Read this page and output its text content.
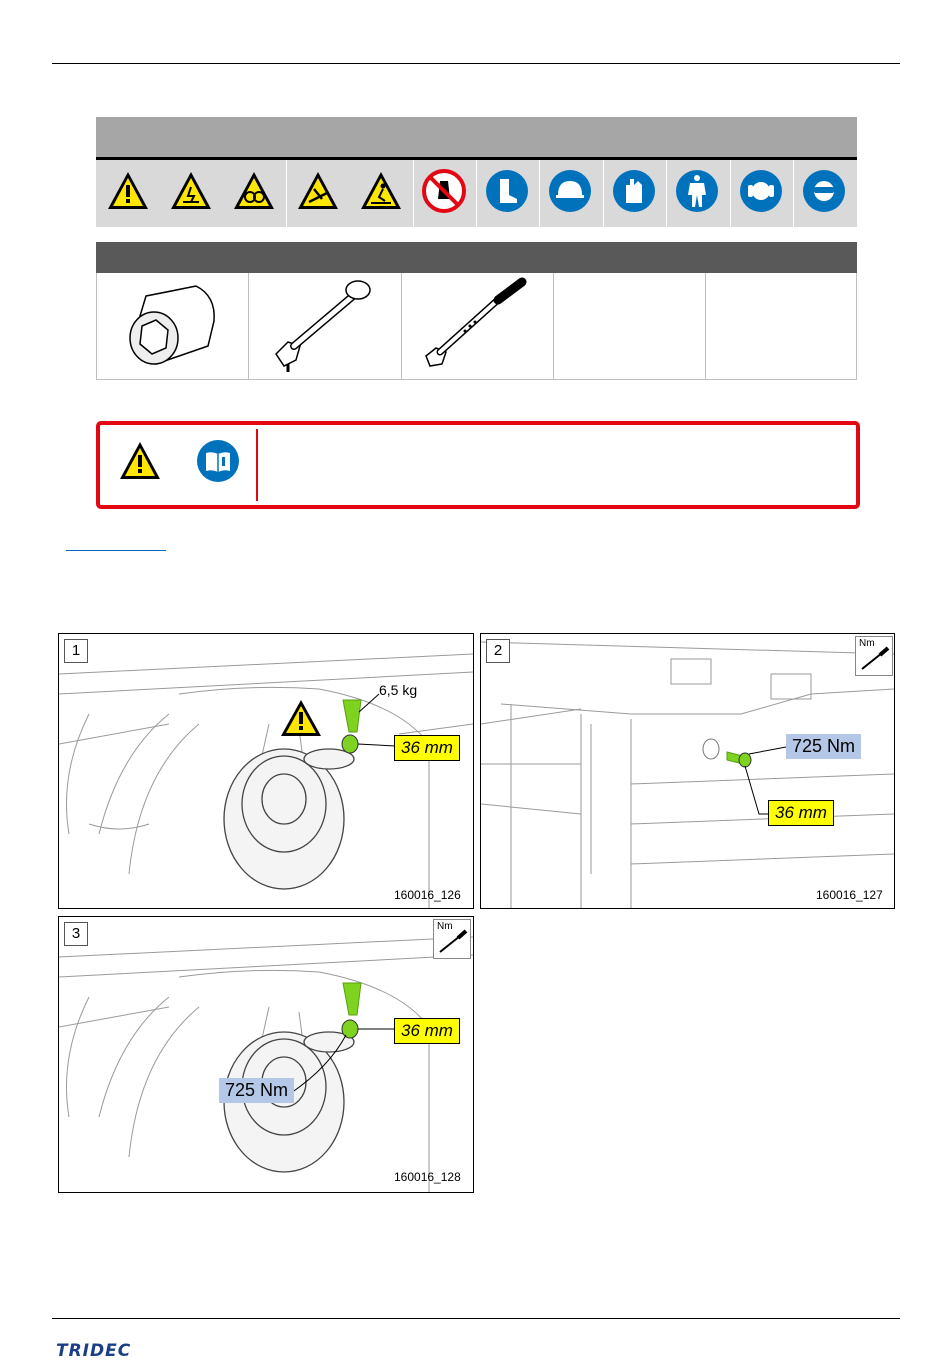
1
6,5 kg
36 mm
160016_126
2	Nm
725 Nm
36 mm
160016_127
3	Nm
36 mm
725 Nm
160016_128
TRIDEC
